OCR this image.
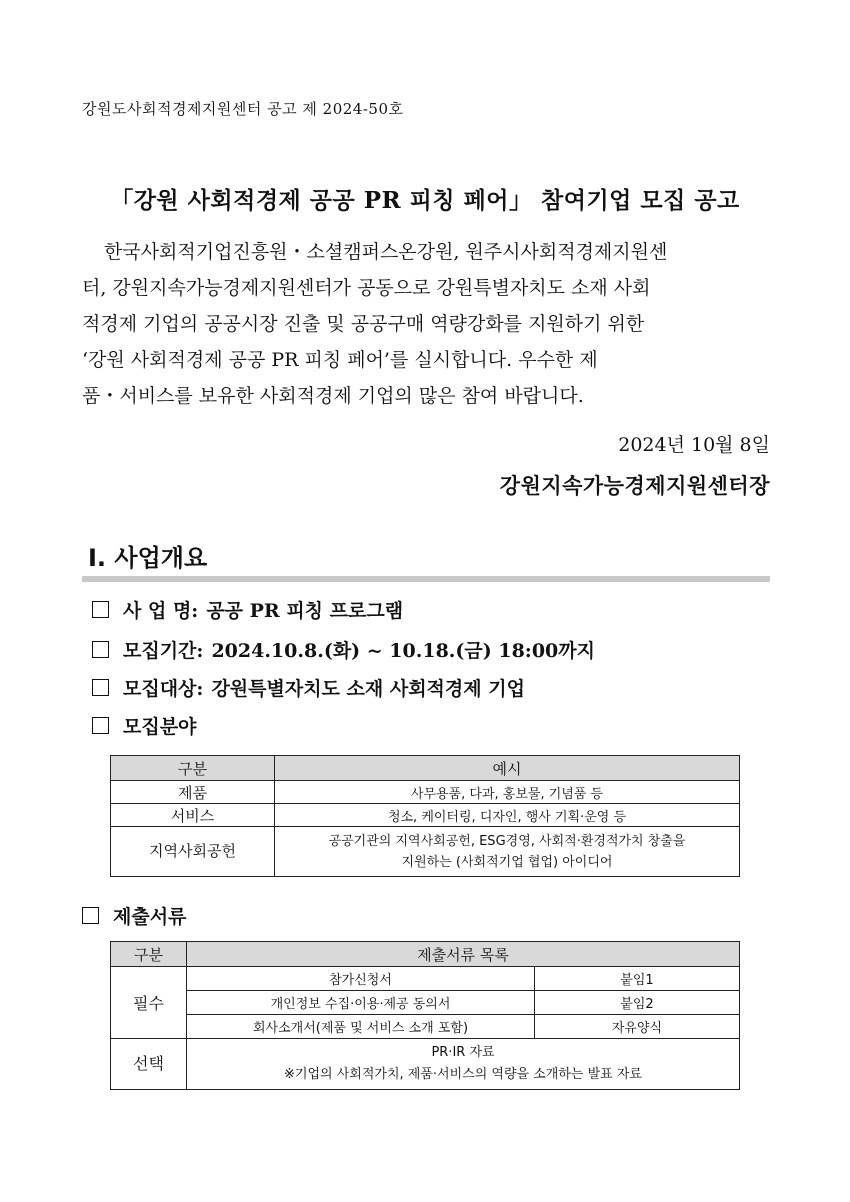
강원도사회적경제지원센터 공고 제 2024-50호
「강원 사회적경제 공공 PR 피칭 페어」 참여기업 모집 공고
한국사회적기업진흥원・소셜캠퍼스온강원, 원주시사회적경제지원센
터, 강원지속가능경제지원센터가 공동으로 강원특별자치도 소재 사회
적경제 기업의 공공시장 진출 및 공공구매 역량강화를 지원하기 위한
‘강원 사회적경제 공공 PR 피칭 페어’를 실시합니다. 우수한 제
품・서비스를 보유한 사회적경제 기업의 많은 참여 바랍니다.
2024년 10월 8일
강원지속가능경제지원센터장
Ⅰ. 사업개요
사 업 명: 공공 PR 피칭 프로그램
모집기간: 2024.10.8.(화) ~ 10.18.(금) 18:00까지
모집대상: 강원특별자치도 소재 사회적경제 기업
모집분야
구분	예시
제품	사무용품, 다과, 홍보물, 기념품 등
서비스	청소, 케이터링, 디자인, 행사 기획·운영 등
지역사회공헌	공공기관의 지역사회공헌, ESG경영, 사회적·환경적가치 창출을
지원하는 (사회적기업 협업) 아이디어
제출서류
구분	제출서류 목록	
필수	참가신청서	붙임1
	개인정보 수집·이용·제공 동의서	붙임2
	회사소개서(제품 및 서비스 소개 포함)	자유양식
선택	PR·IR 자료
※기업의 사회적가치, 제품·서비스의 역량을 소개하는 발표 자료	
